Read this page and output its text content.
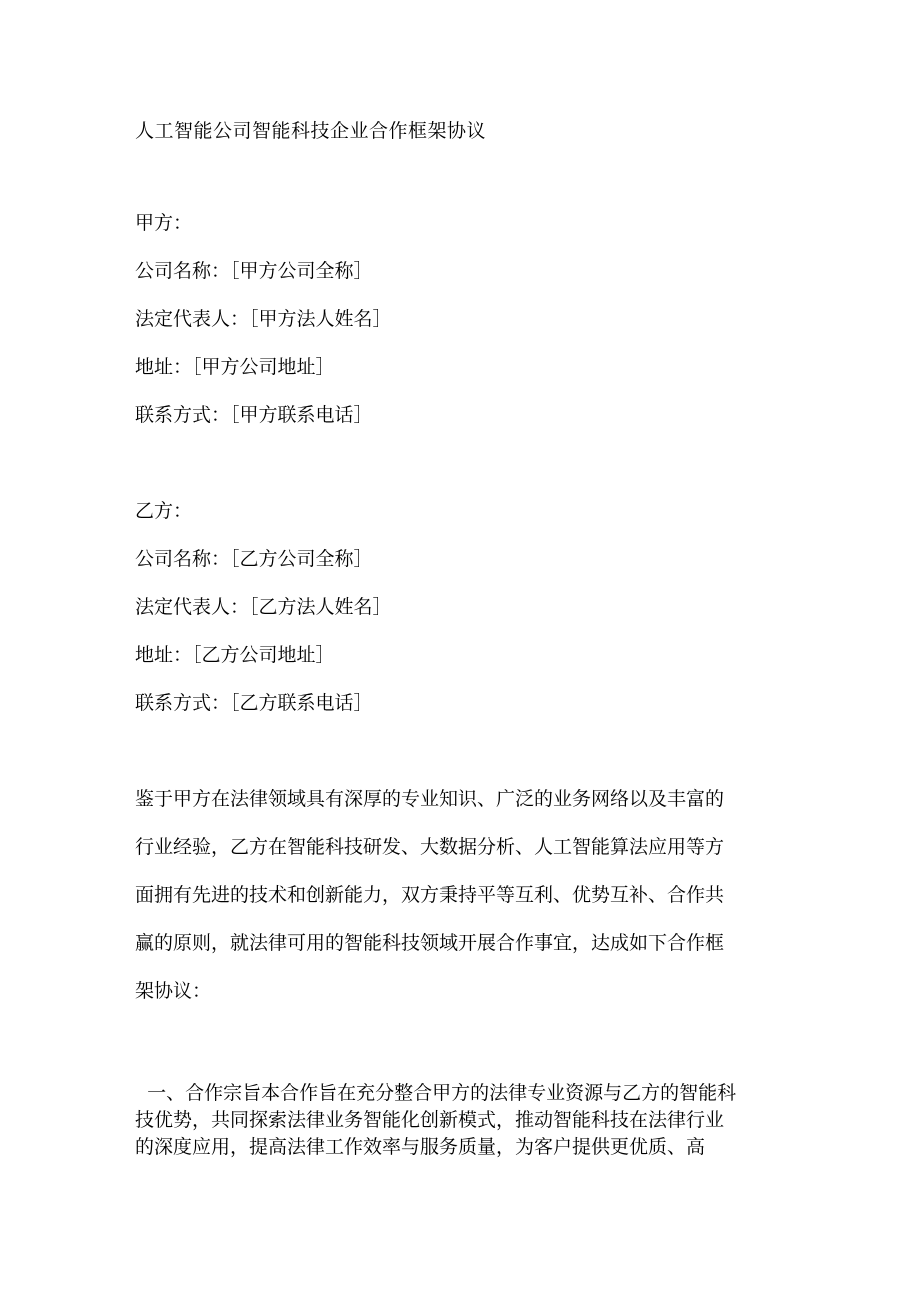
人工智能公司智能科技企业合作框架协议
甲方：
公司名称：［甲方公司全称］
法定代表人：［甲方法人姓名］
地址：［甲方公司地址］
联系方式：［甲方联系电话］
乙方：
公司名称：［乙方公司全称］
法定代表人：［乙方法人姓名］
地址：［乙方公司地址］
联系方式：［乙方联系电话］
鉴于甲方在法律领域具有深厚的专业知识、广泛的业务网络以及丰富的
行业经验，乙方在智能科技研发、大数据分析、人工智能算法应用等方
面拥有先进的技术和创新能力，双方秉持平等互利、优势互补、合作共
赢的原则，就法律可用的智能科技领域开展合作事宜，达成如下合作框
架协议：
一、合作宗旨本合作旨在充分整合甲方的法律专业资源与乙方的智能科
技优势，共同探索法律业务智能化创新模式，推动智能科技在法律行业
的深度应用，提高法律工作效率与服务质量，为客户提供更优质、高
